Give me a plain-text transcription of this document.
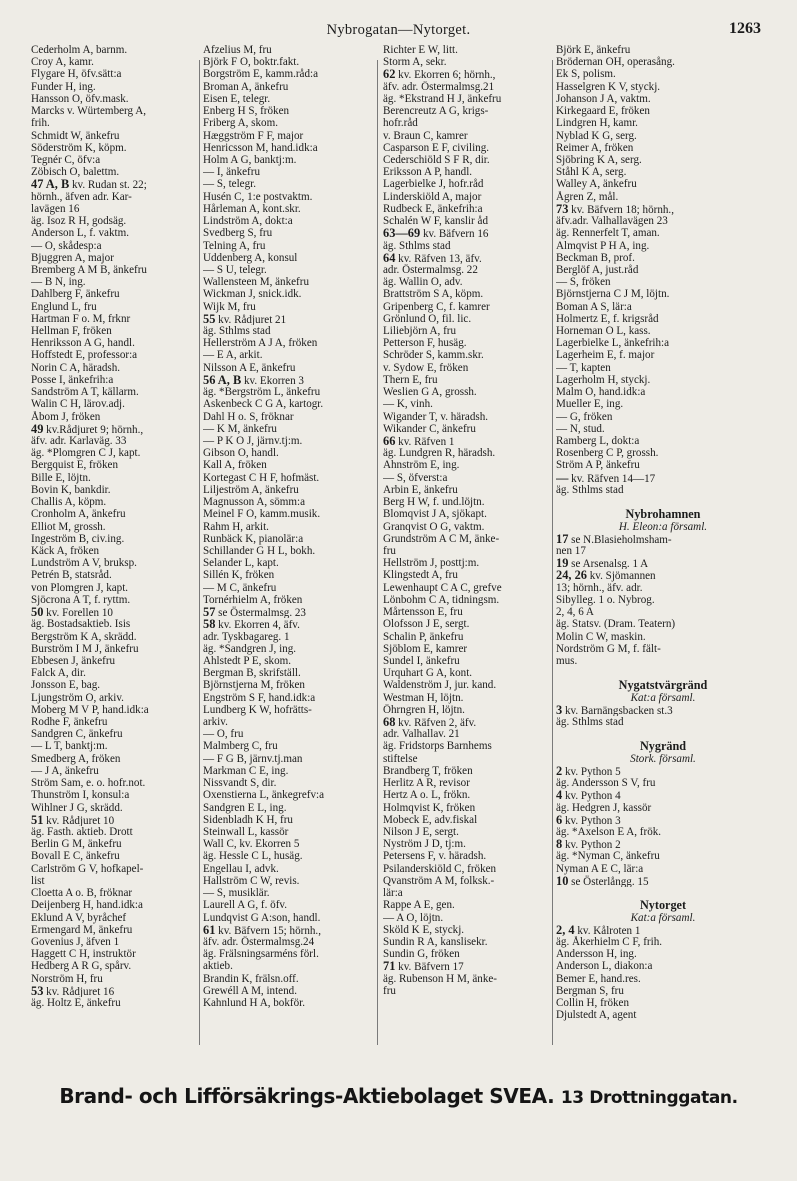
Nybrogatan—Nytorget.	1263
Cederholm A, barnm.
Croy A, kamr.
Flygare H, öfv.sätt:a
Funder H, ing.
Hansson O, öfv.mask.
Marcks v. Würtemberg A,
frih.
Schmidt W, änkefru
Söderström K, köpm.
Tegnér C, öfv:a
Zöbisch O, balettm.
47 A, B kv. Rudan st. 22;
hörnh., äfven adr. Kar-
lavägen 16
äg. Isoz R H, godsäg.
Anderson L, f. vaktm.
— O, skådesp:a
Bjuggren A, major
Bremberg A M B, änkefru
— B N, ing.
Dahlberg F, änkefru
Englund L, fru
Hartman F o. M, frknr
Hellman F, fröken
Henriksson A G, handl.
Hoffstedt E, professor:a
Norin C A, häradsh.
Posse I, änkefrih:a
Sandström A T, källarm.
Walin C H, lärov.adj.
Åbom J, fröken
49 kv.Rådjuret 9; hörnh.,
äfv. adr. Karlaväg. 33
äg. *Plomgren C J, kapt.
Bergquist E, fröken
Bille E, löjtn.
Bovin K, bankdir.
Challis A, köpm.
Cronholm A, änkefru
Elliot M, grossh.
Ingeström B, civ.ing.
Käck A, fröken
Lundström A V, bruksp.
Petrén B, statsråd.
von Plomgren J, kapt.
Sjöcrona A T, f. ryttm.
50 kv. Forellen 10
äg. Bostadsaktieb. Isis
Bergström K A, skrädd.
Burström I M J, änkefru
Ebbesen J, änkefru
Falck A, dir.
Jonsson E, bag.
Ljungström O, arkiv.
Moberg M V P, hand.idk:a
Rodhe F, änkefru
Sandgren C, änkefru
— L T, banktj:m.
Smedberg A, fröken
— J A, änkefru
Ström Sam, e. o. hofr.not.
Thunström I, konsul:a
Wihlner J G, skrädd.
51 kv. Rådjuret 10
äg. Fasth. aktieb. Drott
Berlin G M, änkefru
Bovall E C, änkefru
Carlström G V, hofkapel-
list
Cloetta A o. B, fröknar
Deijenberg H, hand.idk:a
Eklund A V, byråchef
Ermengard M, änkefru
Govenius J, äfven 1
Haggett C H, instruktör
Hedberg A R G, spårv.
Norström H, fru
53 kv. Rådjuret 16
äg. Holtz E, änkefru
Afzelius M, fru
Björk F O, boktr.fakt.
Borgström E, kamm.råd:a
Broman A, änkefru
Eisen E, telegr.
Enberg H S, fröken
Friberg A, skom.
Hæggström F F, major
Henricsson M, hand.idk:a
Holm A G, banktj:m.
— I, änkefru
— S, telegr.
Husén C, 1:e postvaktm.
Hårleman A, kont.skr.
Lindström A, dokt:a
Svedberg S, fru
Telning A, fru
Uddenberg A, konsul
— S U, telegr.
Wallensteen M, änkefru
Wickman J, snick.idk.
Wijk M, fru
55 kv. Rådjuret 21
äg. Sthlms stad
Hellerström A J A, fröken
— E A, arkit.
Nilsson A E, änkefru
56 A, B kv. Ekorren 3
äg. *Bergström L, änkefru
Askenbeck C G A, kartogr.
Dahl H o. S, fröknar
— K M, änkefru
— P K O J, järnv.tj:m.
Gibson O, handl.
Kall A, fröken
Kortegast C H F, hofmäst.
Liljeström A, änkefru
Magnusson A, sömm:a
Meinel F O, kamm.musik.
Rahm H, arkit.
Runbäck K, pianolär:a
Schillander G H L, bokh.
Selander L, kapt.
Sillén K, fröken
— M C, änkefru
Tornérhielm A, fröken
57 se Östermalmsg. 23
58 kv. Ekorren 4, äfv.
adr. Tyskbagareg. 1
äg. *Sandgren J, ing.
Ahlstedt P E, skom.
Bergman B, skrifställ.
Björnstjerna M, fröken
Engström S F, hand.idk:a
Lundberg K W, hofrätts-
arkiv.
— O, fru
Malmberg C, fru
— F G B, järnv.tj.man
Markman C E, ing.
Nissvandt S, dir.
Oxenstierna L, änkegrefv:a
Sandgren E L, ing.
Sidenbladh K H, fru
Steinwall L, kassör
Wall C, kv. Ekorren 5
äg. Hessle C L, husäg.
Engellau I, advk.
Hallström C W, revis.
— S, musiklär.
Laurell A G, f. öfv.
Lundqvist G A:son, handl.
61 kv. Bäfvern 15; hörnh.,
äfv. adr. Östermalmsg.24
äg. Frälsningsarméns förl.
aktieb.
Brandin K, frälsn.off.
Grewéll A M, intend.
Kahnlund H A, bokför.
Richter E W, litt.
Storm A, sekr.
62 kv. Ekorren 6; hörnh.,
äfv. adr. Östermalmsg.21
äg. *Ekstrand H J, änkefru
Berencreutz A G, krigs-
hofr.råd
v. Braun C, kamrer
Casparson E F, civiling.
Cederschiöld S F R, dir.
Eriksson A P, handl.
Lagerbielke J, hofr.råd
Linderskiöld A, major
Rudbeck E, änkefrih:a
Schalén W F, kanslir åd
63—69 kv. Bäfvern 16
äg. Sthlms stad
64 kv. Räfven 13, äfv.
adr. Östermalmsg. 22
äg. Wallin O, adv.
Brattström S A, köpm.
Gripenberg C, f. kamrer
Grönlund O, fil. lic.
Liliebjörn A, fru
Petterson F, husäg.
Schröder S, kamm.skr.
v. Sydow E, fröken
Thern E, fru
Weslien G A, grossh.
— K, vinh.
Wigander T, v. häradsh.
Wikander C, änkefru
66 kv. Räfven 1
äg. Lundgren R, häradsh.
Ahnström E, ing.
— S, öfverst:a
Arbin E, änkefru
Berg H W, f. und.löjtn.
Blomqvist J A, sjökapt.
Granqvist O G, vaktm.
Grundström A C M, änke-
fru
Hellström J, posttj:m.
Klingstedt A, fru
Lewenhaupt C A C, grefve
Lönbohm C A, tidningsm.
Mårtensson E, fru
Olofsson J E, sergt.
Schalin P, änkefru
Sjöblom E, kamrer
Sundel I, änkefru
Urquhart G A, kont.
Waldenström J, jur. kand.
Westman H, löjtn.
Öhrngren H, löjtn.
68 kv. Räfven 2, äfv.
adr. Valhallav. 21
äg. Fridstorps Barnhems
stiftelse
Brandberg T, fröken
Herlitz A R, revisor
Hertz A o. L, frökn.
Holmqvist K, fröken
Mobeck E, adv.fiskal
Nilson J E, sergt.
Nyström J D, tj:m.
Petersens F, v. häradsh.
Psilanderskiöld C, fröken
Qvanström A M, folksk.-
lär:a
Rappe A E, gen.
— A O, löjtn.
Sköld K E, styckj.
Sundin R A, kanslisekr.
Sundin G, fröken
71 kv. Bäfvern 17
äg. Rubenson H M, änke-
fru
Björk E, änkefru
Brödernan OH, operasång.
Ek S, polism.
Hasselgren K V, styckj.
Johanson J A, vaktm.
Kirkegaard E, fröken
Lindgren H, kamr.
Nyblad K G, serg.
Reimer A, fröken
Sjöbring K A, serg.
Ståhl K A, serg.
Walley A, änkefru
Ågren Z, mål.
73 kv. Bäfvern 18; hörnh.,
äfv.adr. Valhallavägen 23
äg. Rennerfelt T, aman.
Almqvist P H A, ing.
Beckman B, prof.
Berglöf A, just.råd
— S, fröken
Björnstjerna C J M, löjtn.
Boman A S, lär:a
Holmertz E, f. krigsråd
Horneman O L, kass.
Lagerbielke L, änkefrih:a
Lagerheim E, f. major
— T, kapten
Lagerholm H, styckj.
Malm O, hand.idk:a
Mueller E, ing.
— G, fröken
— N, stud.
Ramberg L, dokt:a
Rosenberg C P, grossh.
Ström A P, änkefru
— kv. Räfven 14—17
äg. Sthlms stad
Nybrohamnen
H. Eleon:a församl.
17 se N.Blasieholmsham-
nen 17
19 se Arsenalsg. 1 A
24, 26 kv. Sjömannen
13; hörnh., äfv. adr.
Sibylleg. 1 o. Nybrog.
2, 4, 6 A
äg. Statsv. (Dram. Teatern)
Molin C W, maskin.
Nordström G M, f. fält-
mus.
Nygatstvärgränd
Kat:a församl.
3 kv. Barnängsbacken st.3
äg. Sthlms stad
Nygränd
Stork. församl.
2 kv. Python 5
äg. Andersson S V, fru
4 kv. Python 4
äg. Hedgren J, kassör
6 kv. Python 3
äg. *Axelson E A, frök.
8 kv. Python 2
äg. *Nyman C, änkefru
Nyman A E C, lär:a
10 se Österlångg. 15
Nytorget
Kat:a församl.
2, 4 kv. Kålroten 1
äg. Åkerhielm C F, frih.
Andersson H, ing.
Anderson L, diakon:a
Bemer E, hand.res.
Bergman S, fru
Collin H, fröken
Djulstedt A, agent
Brand- och Lifförsäkrings-Aktiebolaget SVEA. 13 Drottninggatan.
